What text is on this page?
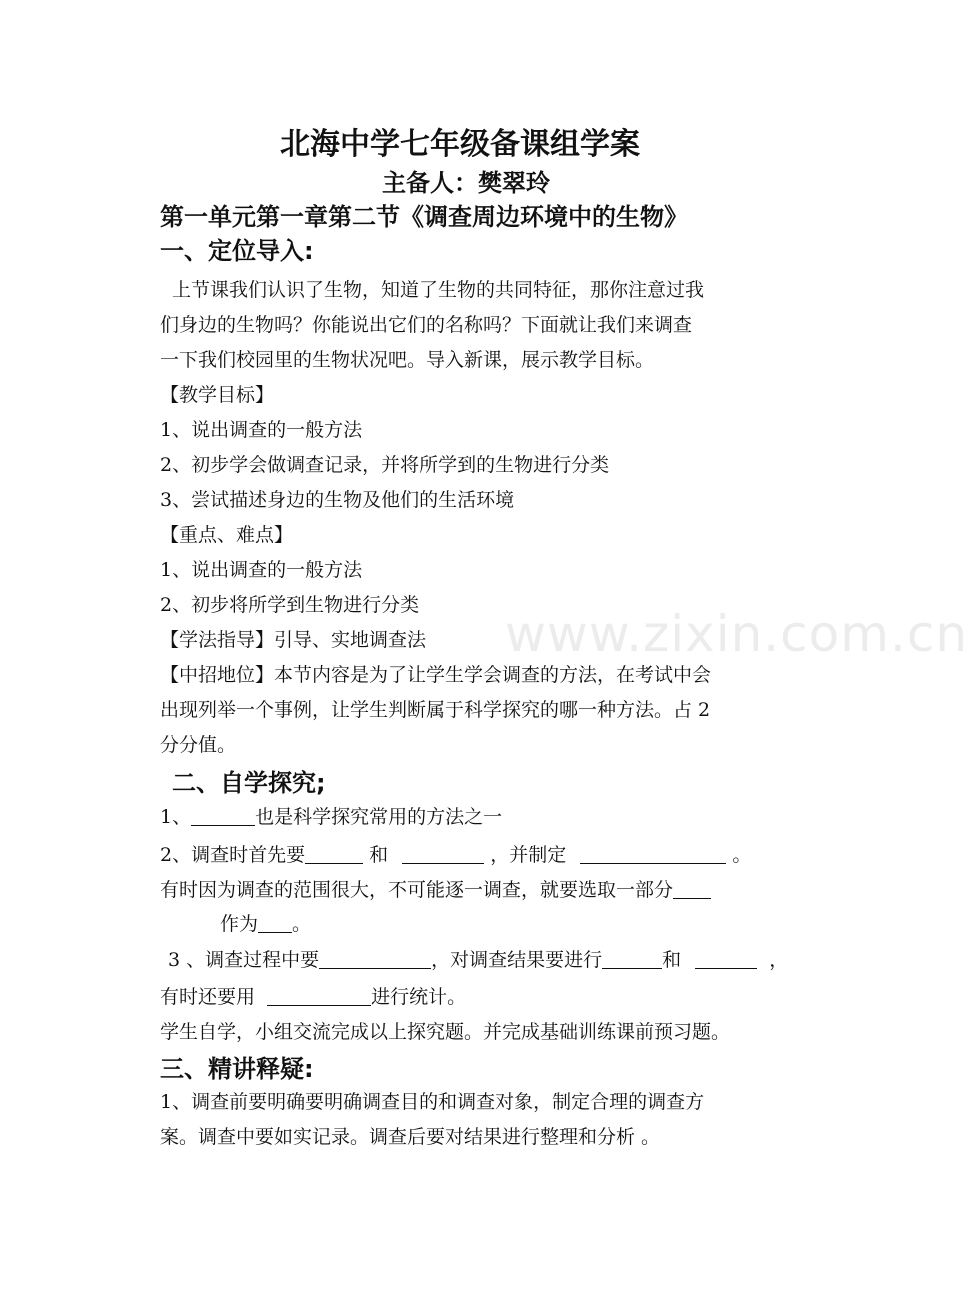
北海中学七年级备课组学案
主备人：樊翠玲
第一单元第一章第二节《调查周边环境中的生物》
一、定位导入:
上节课我们认识了生物，知道了生物的共同特征，那你注意过我
们身边的生物吗？你能说出它们的名称吗？下面就让我们来调查
一下我们校园里的生物状况吧。导入新课，展示教学目标。
【教学目标】
1、说出调查的一般方法
2、初步学会做调查记录，并将所学到的生物进行分类
3、尝试描述身边的生物及他们的生活环境
【重点、难点】
1、说出调查的一般方法
2、初步将所学到生物进行分类
【学法指导】引导、实地调查法
【中招地位】本节内容是为了让学生学会调查的方法，在考试中会
出现列举一个事例，让学生判断属于科学探究的哪一种方法。占 2
分分值。
二、自学探究;
1、	也是科学探究常用的方法之一
2、调查时首先要	和	，并制定	。
有时因为调查的范围很大，不可能逐一调查，就要选取一部分
作为 。
3 、调查过程中要	，对调查结果要进行	和	，
有时还要用	进行统计。
学生自学，小组交流完成以上探究题。并完成基础训练课前预习题。
三、精讲释疑:
1、调查前要明确要明确调查目的和调查对象，制定合理的调查方
案。调查中要如实记录。调查后要对结果进行整理和分析 。
www.zixin.com.cn
